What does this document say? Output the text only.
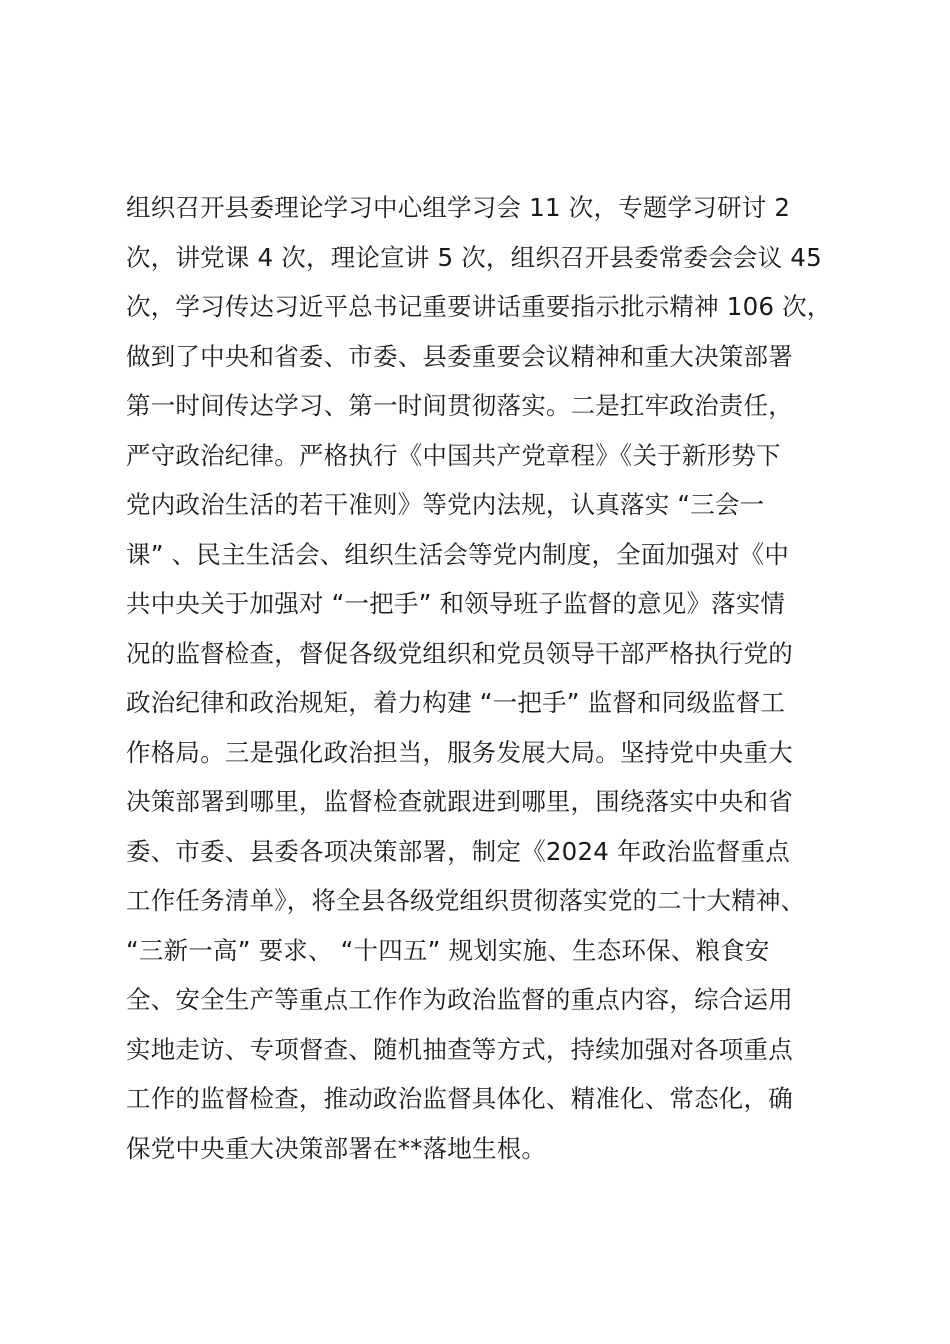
组织召开县委理论学习中心组学习会 11 次，专题学习研讨 2
次，讲党课 4 次，理论宣讲 5 次，组织召开县委常委会会议 45
次，学习传达习近平总书记重要讲话重要指示批示精神 106 次，
做到了中央和省委、市委、县委重要会议精神和重大决策部署
第一时间传达学习、第一时间贯彻落实。二是扛牢政治责任，
严守政治纪律。严格执行《中国共产党章程》《关于新形势下
党内政治生活的若干准则》等党内法规，认真落实 “三会一
课” 、民主生活会、组织生活会等党内制度，全面加强对《中
共中央关于加强对 “一把手” 和领导班子监督的意见》落实情
况的监督检查，督促各级党组织和党员领导干部严格执行党的
政治纪律和政治规矩，着力构建 “一把手” 监督和同级监督工
作格局。三是强化政治担当，服务发展大局。坚持党中央重大
决策部署到哪里，监督检查就跟进到哪里，围绕落实中央和省
委、市委、县委各项决策部署，制定《2024 年政治监督重点
工作任务清单》，将全县各级党组织贯彻落实党的二十大精神、
“三新一高” 要求、 “十四五” 规划实施、生态环保、粮食安
全、安全生产等重点工作作为政治监督的重点内容，综合运用
实地走访、专项督查、随机抽查等方式，持续加强对各项重点
工作的监督检查，推动政治监督具体化、精准化、常态化，确
保党中央重大决策部署在**落地生根。
